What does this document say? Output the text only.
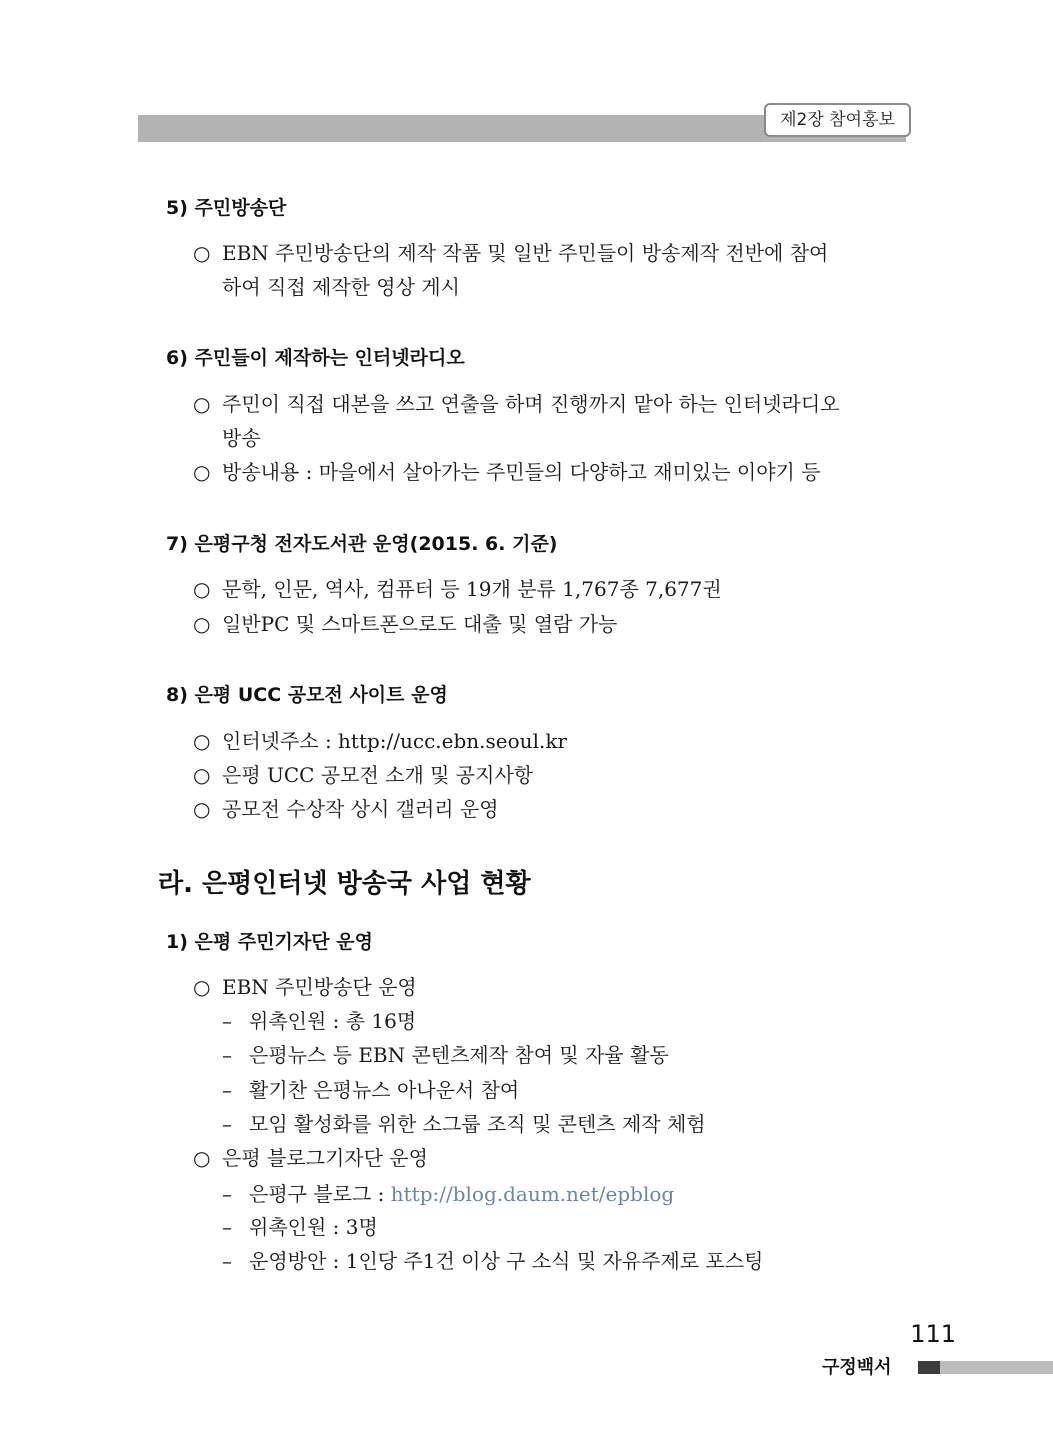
제2장 참여홍보
5) 주민방송단
○ EBN 주민방송단의 제작 작품 및 일반 주민들이 방송제작 전반에 참여
하여 직접 제작한 영상 게시
6) 주민들이 제작하는 인터넷라디오
○ 주민이 직접 대본을 쓰고 연출을 하며 진행까지 맡아 하는 인터넷라디오
방송
○ 방송내용 : 마을에서 살아가는 주민들의 다양하고 재미있는 이야기 등
7) 은평구청 전자도서관 운영(2015. 6. 기준)
○ 문학, 인문, 역사, 컴퓨터 등 19개 분류 1,767종 7,677권
○ 일반PC 및 스마트폰으로도 대출 및 열람 가능
8) 은평 UCC 공모전 사이트 운영
○ 인터넷주소 : http://ucc.ebn.seoul.kr
○ 은평 UCC 공모전 소개 및 공지사항
○ 공모전 수상작 상시 갤러리 운영
라. 은평인터넷 방송국 사업 현황
1) 은평 주민기자단 운영
○ EBN 주민방송단 운영
– 위촉인원 : 총 16명
– 은평뉴스 등 EBN 콘텐츠제작 참여 및 자율 활동
– 활기찬 은평뉴스 아나운서 참여
– 모임 활성화를 위한 소그룹 조직 및 콘텐츠 제작 체험
○ 은평 블로그기자단 운영
– 은평구 블로그 : http://blog.daum.net/epblog
– 위촉인원 : 3명
– 운영방안 : 1인당 주1건 이상 구 소식 및 자유주제로 포스팅
111
구정백서
